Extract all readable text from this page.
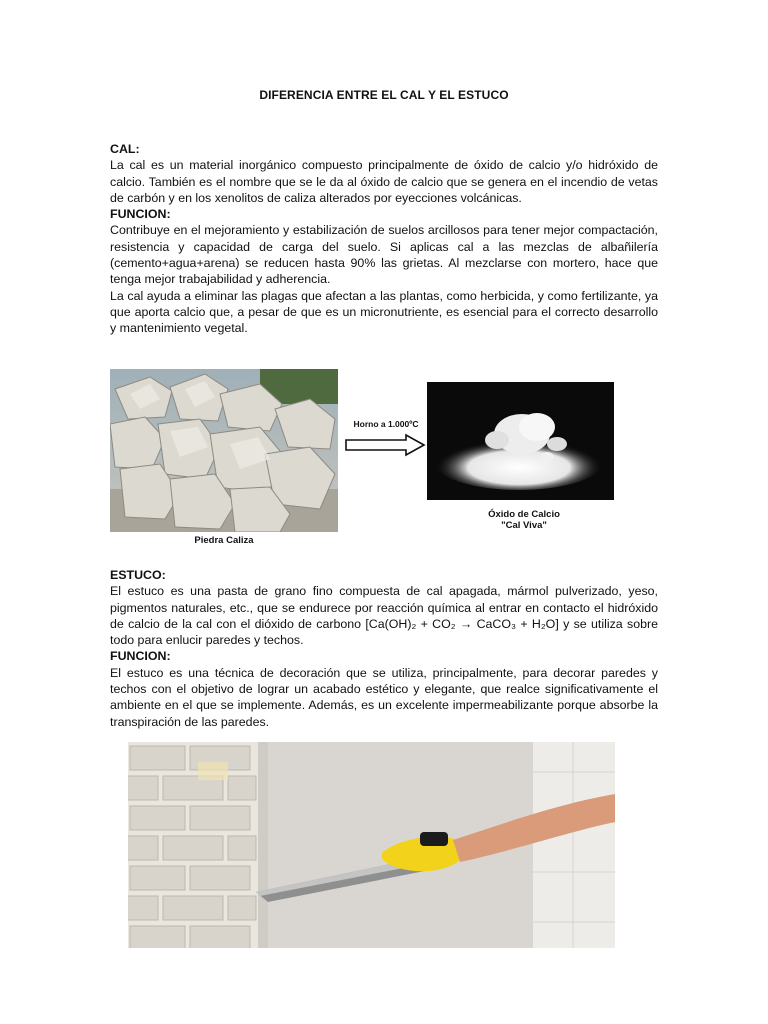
DIFERENCIA ENTRE EL CAL Y EL ESTUCO

CAL:

La cal es un material inorgánico compuesto principalmente de óxido de calcio y/o hidróxido de calcio. También es el nombre que se le da al óxido de calcio que se genera en el incendio de vetas de carbón y en los xenolitos de caliza alterados por eyecciones volcánicas.

FUNCION:

Contribuye en el mejoramiento y estabilización de suelos arcillosos para tener mejor compactación, resistencia y capacidad de carga del suelo. Si aplicas cal a las mezclas de albañilería (cemento+agua+arena) se reducen hasta 90% las grietas. Al mezclarse con mortero, hace que tenga mejor trabajabilidad y adherencia.

La cal ayuda a eliminar las plagas que afectan a las plantas, como herbicida, y como fertilizante, ya que aporta calcio que, a pesar de que es un micronutriente, es esencial para el correcto desarrollo y mantenimiento vegetal.

Piedra Caliza
Horno a 1.000ºC
Óxido de Calcio
"Cal Viva"

ESTUCO:

El estuco es una pasta de grano fino compuesta de cal apagada, mármol pulverizado, yeso, pigmentos naturales, etc., que se endurece por reacción química al entrar en contacto el hidróxido de calcio de la cal con el dióxido de carbono [Ca(OH)₂ + CO₂ → CaCO₃ + H₂O] y se utiliza sobre todo para enlucir paredes y techos.

FUNCION:

El estuco es una técnica de decoración que se utiliza, principalmente, para decorar paredes y techos con el objetivo de lograr un acabado estético y elegante, que realce significativamente el ambiente en el que se implemente. Además, es un excelente impermeabilizante porque absorbe la transpiración de las paredes.
